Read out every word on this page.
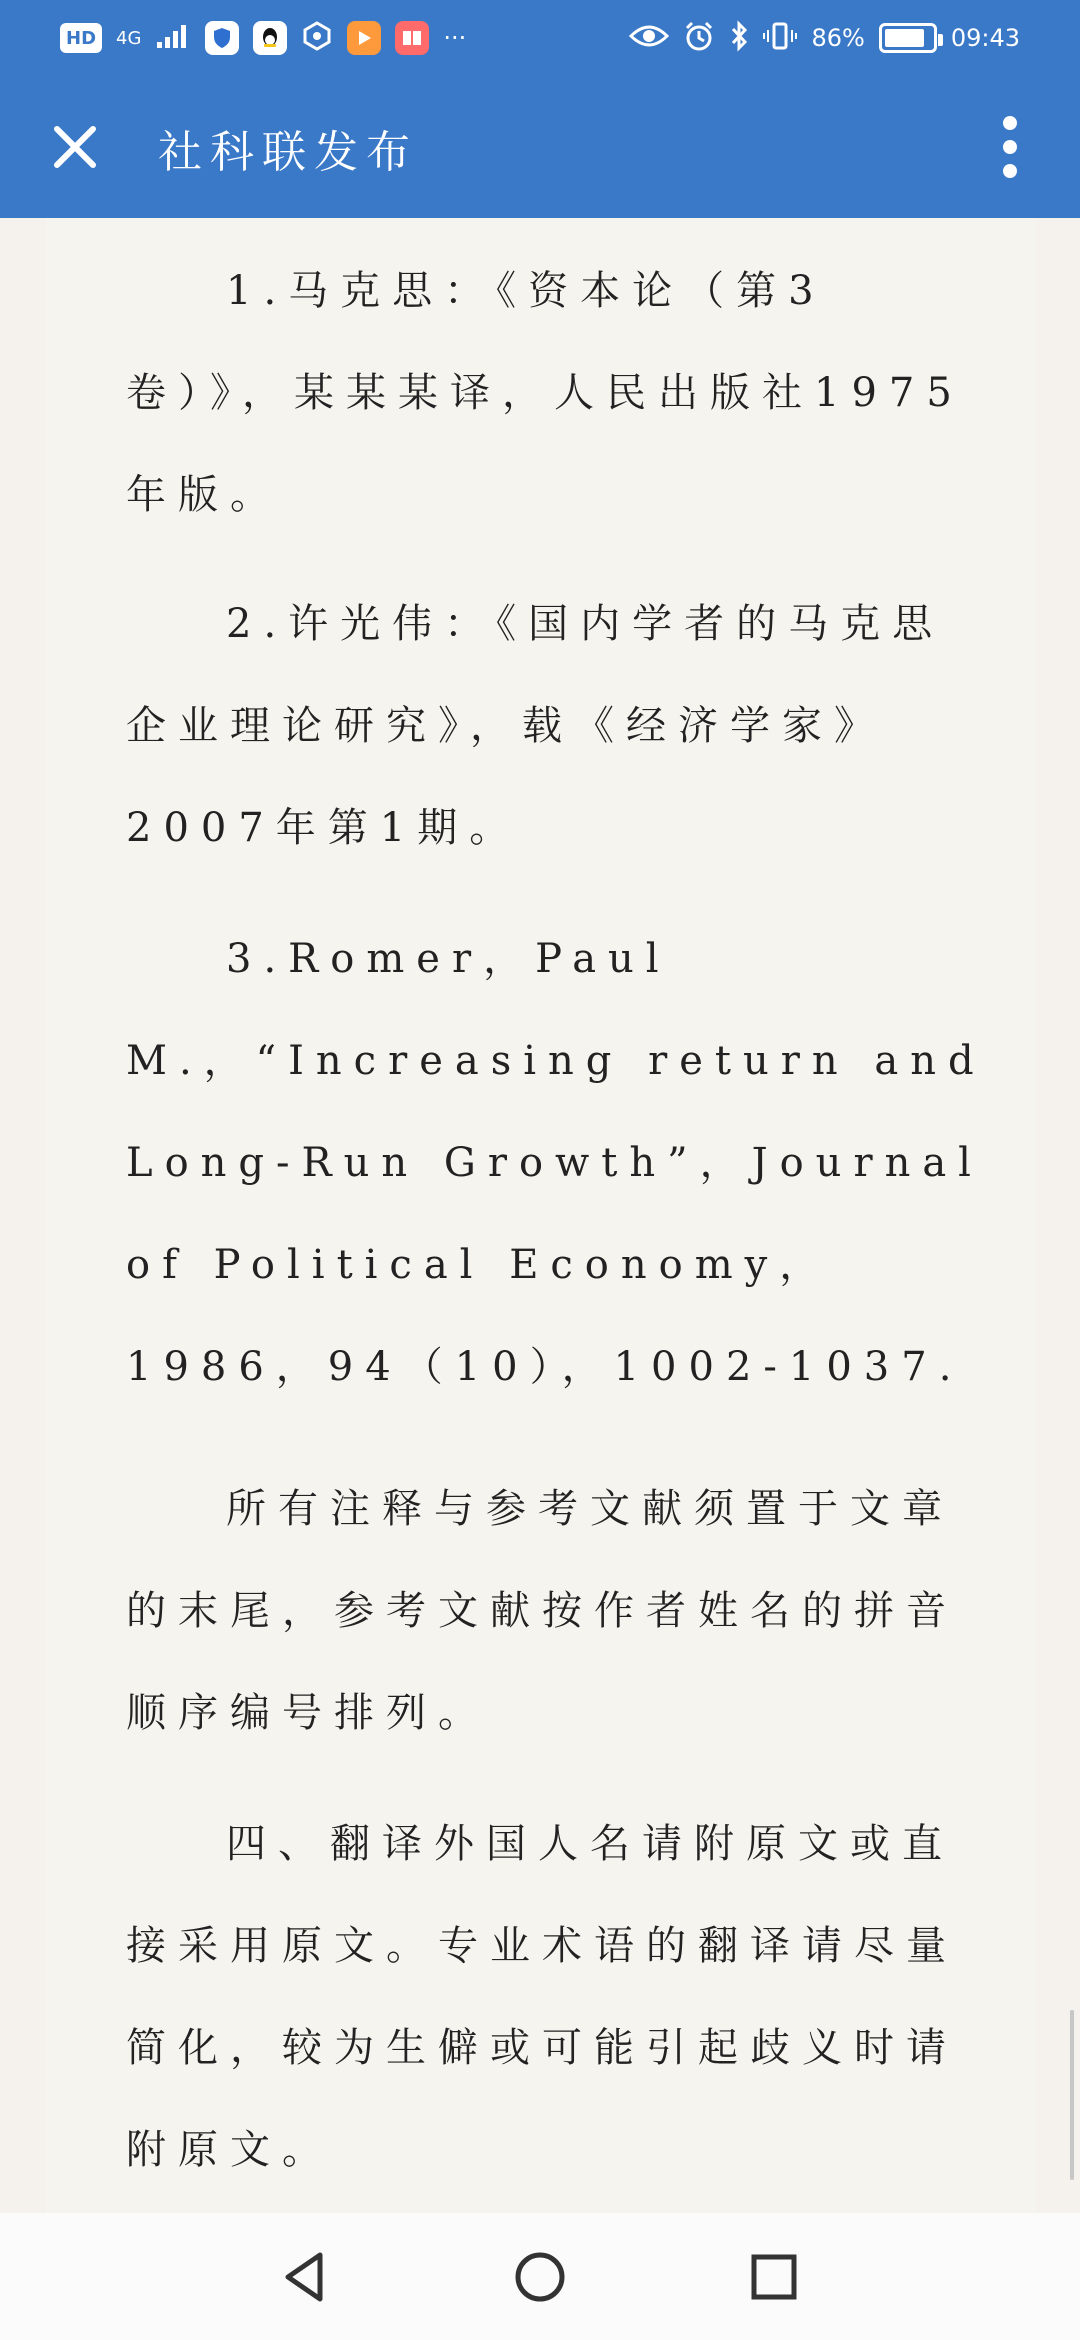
HD	4G	···	86%	09:43
社科联发布

1.马克思：《资本论（第3卷）》，某某某译，人民出版社1975年版。

2.许光伟：《国内学者的马克思企业理论研究》，载《经济学家》2007年第1期。

3.Romer，Paul M.，“Increasing return and Long-Run Growth”，Journal of Political Economy，1986，94（10），1002-1037.

所有注释与参考文献须置于文章的末尾，参考文献按作者姓名的拼音顺序编号排列。

四、翻译外国人名请附原文或直接采用原文。专业术语的翻译请尽量简化，较为生僻或可能引起歧义时请附原文。
